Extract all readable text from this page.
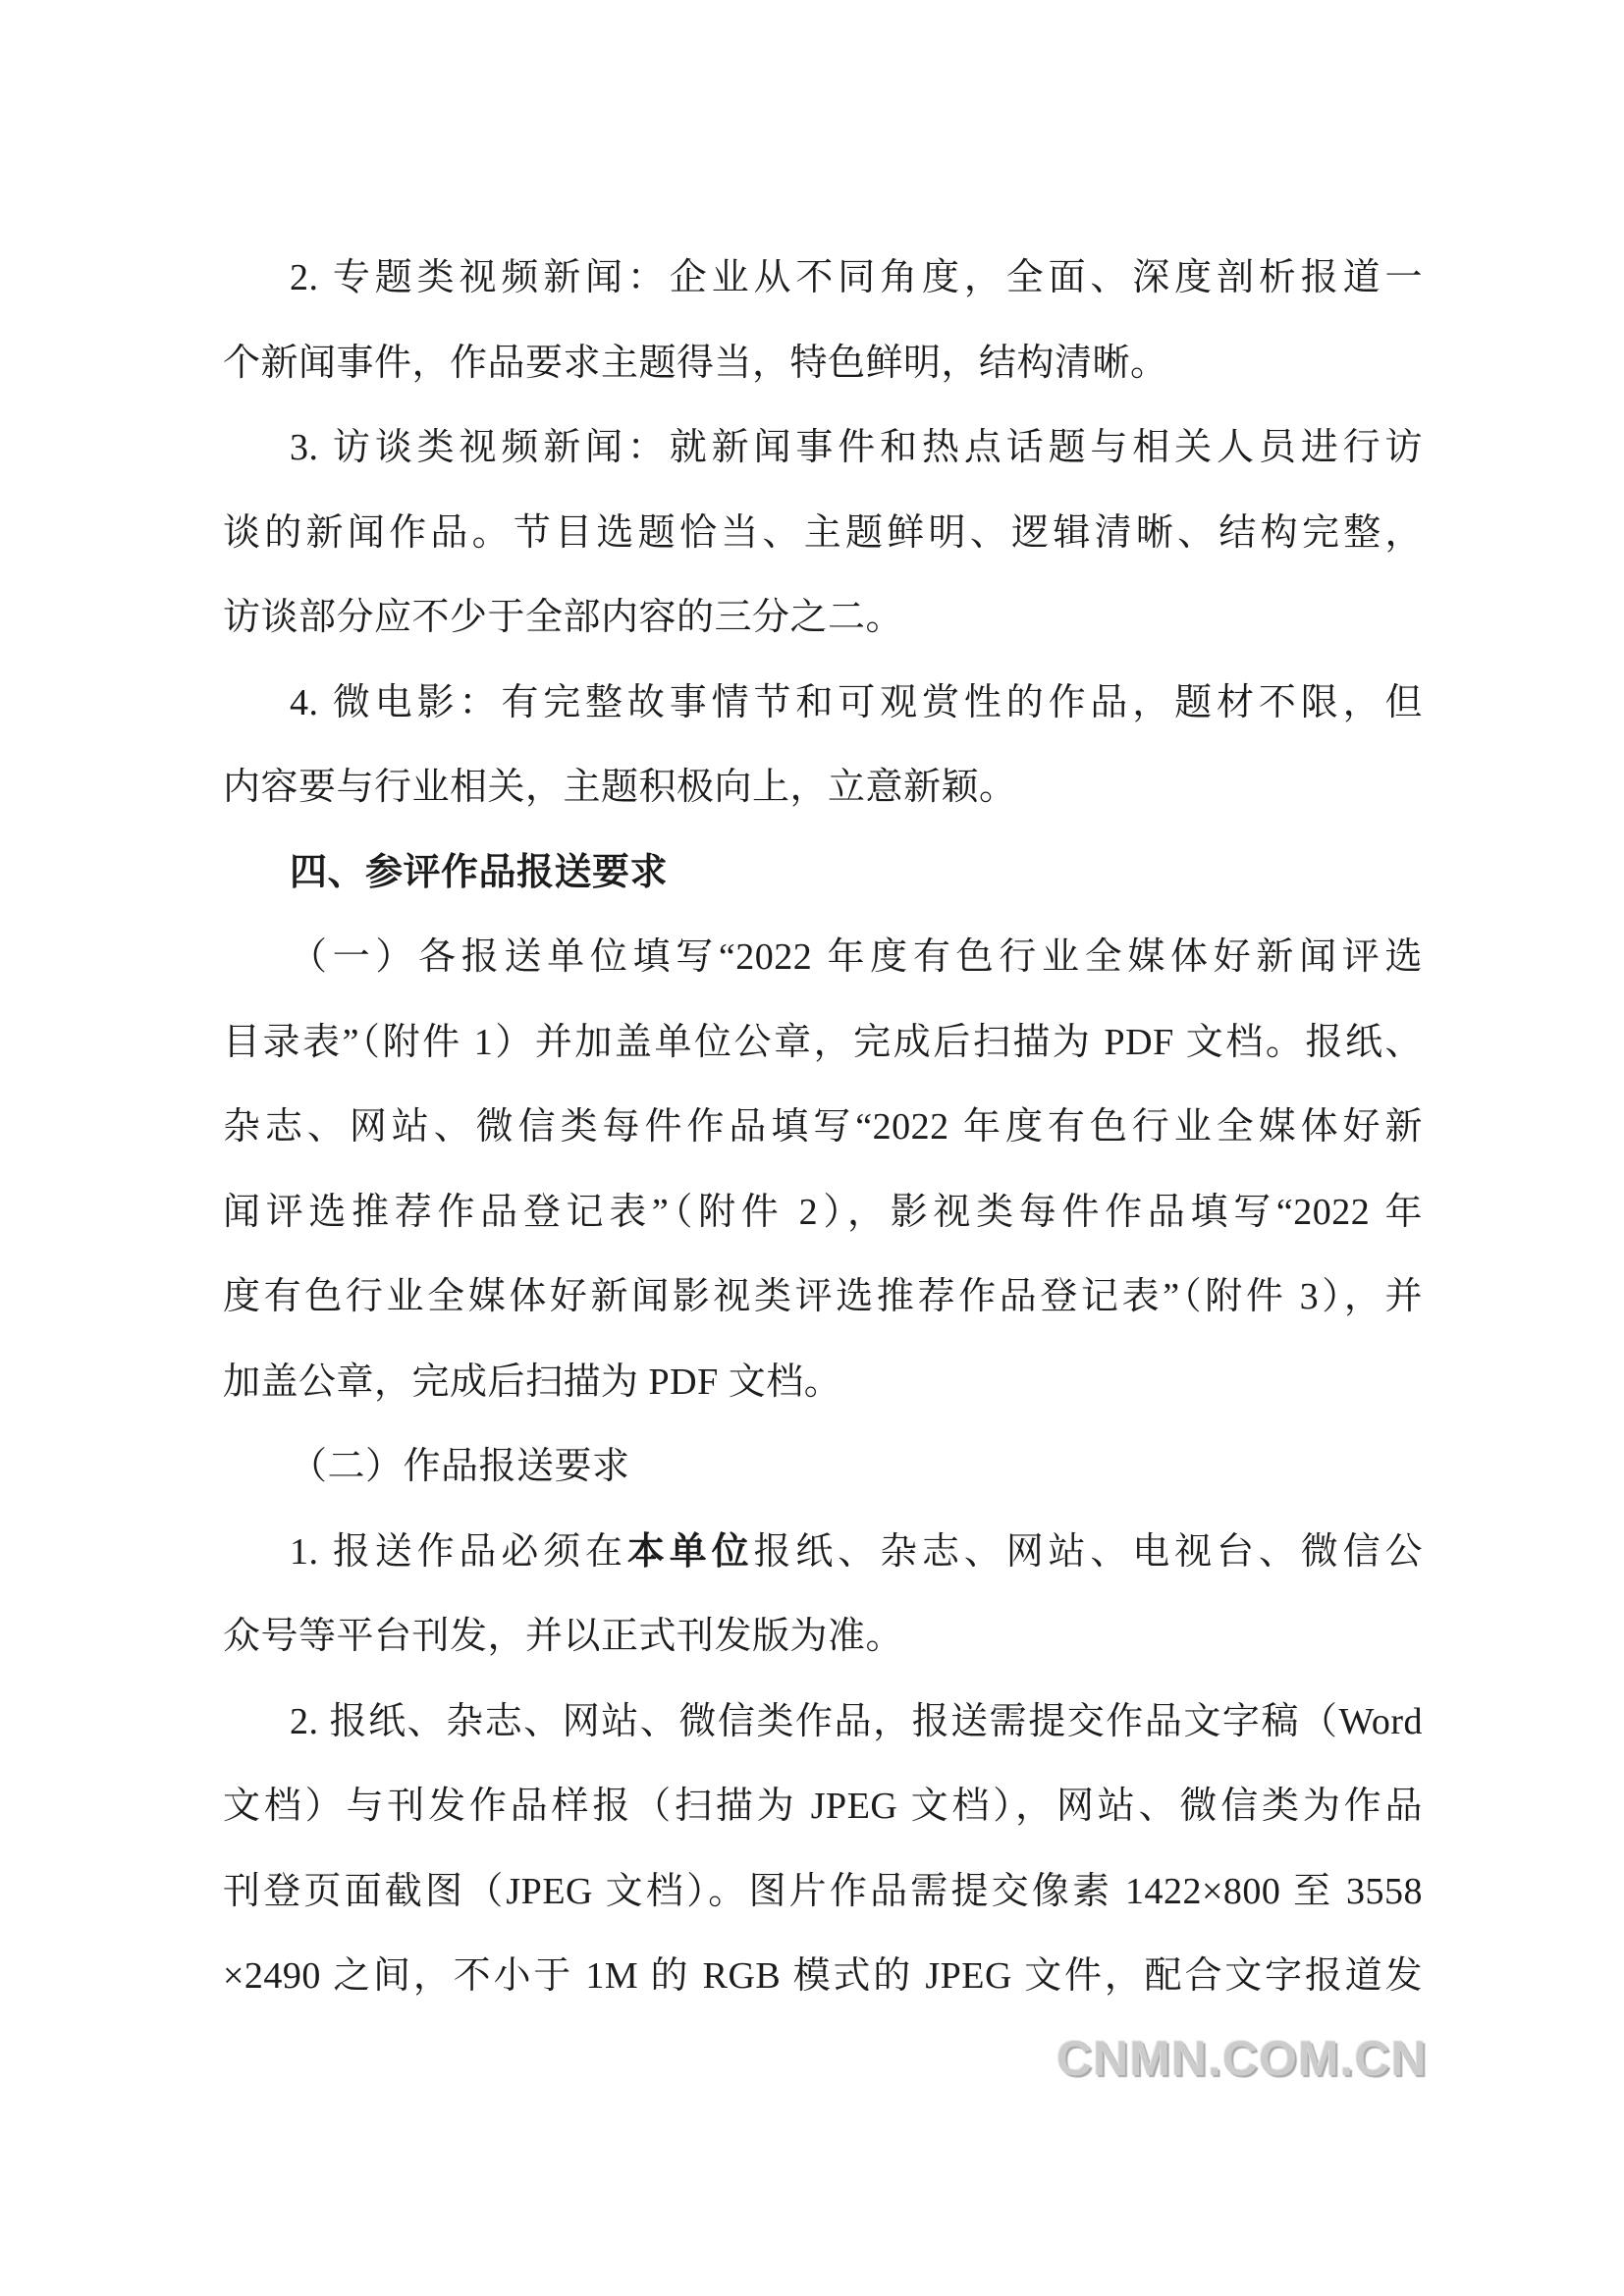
2. 专题类视频新闻：企业从不同角度，全面、深度剖析报道一
个新闻事件，作品要求主题得当，特色鲜明，结构清晰。
3. 访谈类视频新闻：就新闻事件和热点话题与相关人员进行访
谈的新闻作品。节目选题恰当、主题鲜明、逻辑清晰、结构完整，
访谈部分应不少于全部内容的三分之二。
4. 微电影：有完整故事情节和可观赏性的作品，题材不限，但
内容要与行业相关，主题积极向上，立意新颖。
四、参评作品报送要求
（一）各报送单位填写“2022 年度有色行业全媒体好新闻评选
目录表”（附件 1）并加盖单位公章，完成后扫描为 PDF 文档。报纸、
杂志、网站、微信类每件作品填写“2022 年度有色行业全媒体好新
闻评选推荐作品登记表”（附件 2），影视类每件作品填写“2022 年
度有色行业全媒体好新闻影视类评选推荐作品登记表”（附件 3），并
加盖公章，完成后扫描为 PDF 文档。
（二）作品报送要求
1. 报送作品必须在本单位报纸、杂志、网站、电视台、微信公
众号等平台刊发，并以正式刊发版为准。
2. 报纸、杂志、网站、微信类作品，报送需提交作品文字稿（Word
文档）与刊发作品样报（扫描为 JPEG 文档），网站、微信类为作品
刊登页面截图（JPEG 文档）。图片作品需提交像素 1422×800 至 3558
×2490 之间，不小于 1M 的 RGB 模式的 JPEG 文件，配合文字报道发
CNMN.COM.CN
